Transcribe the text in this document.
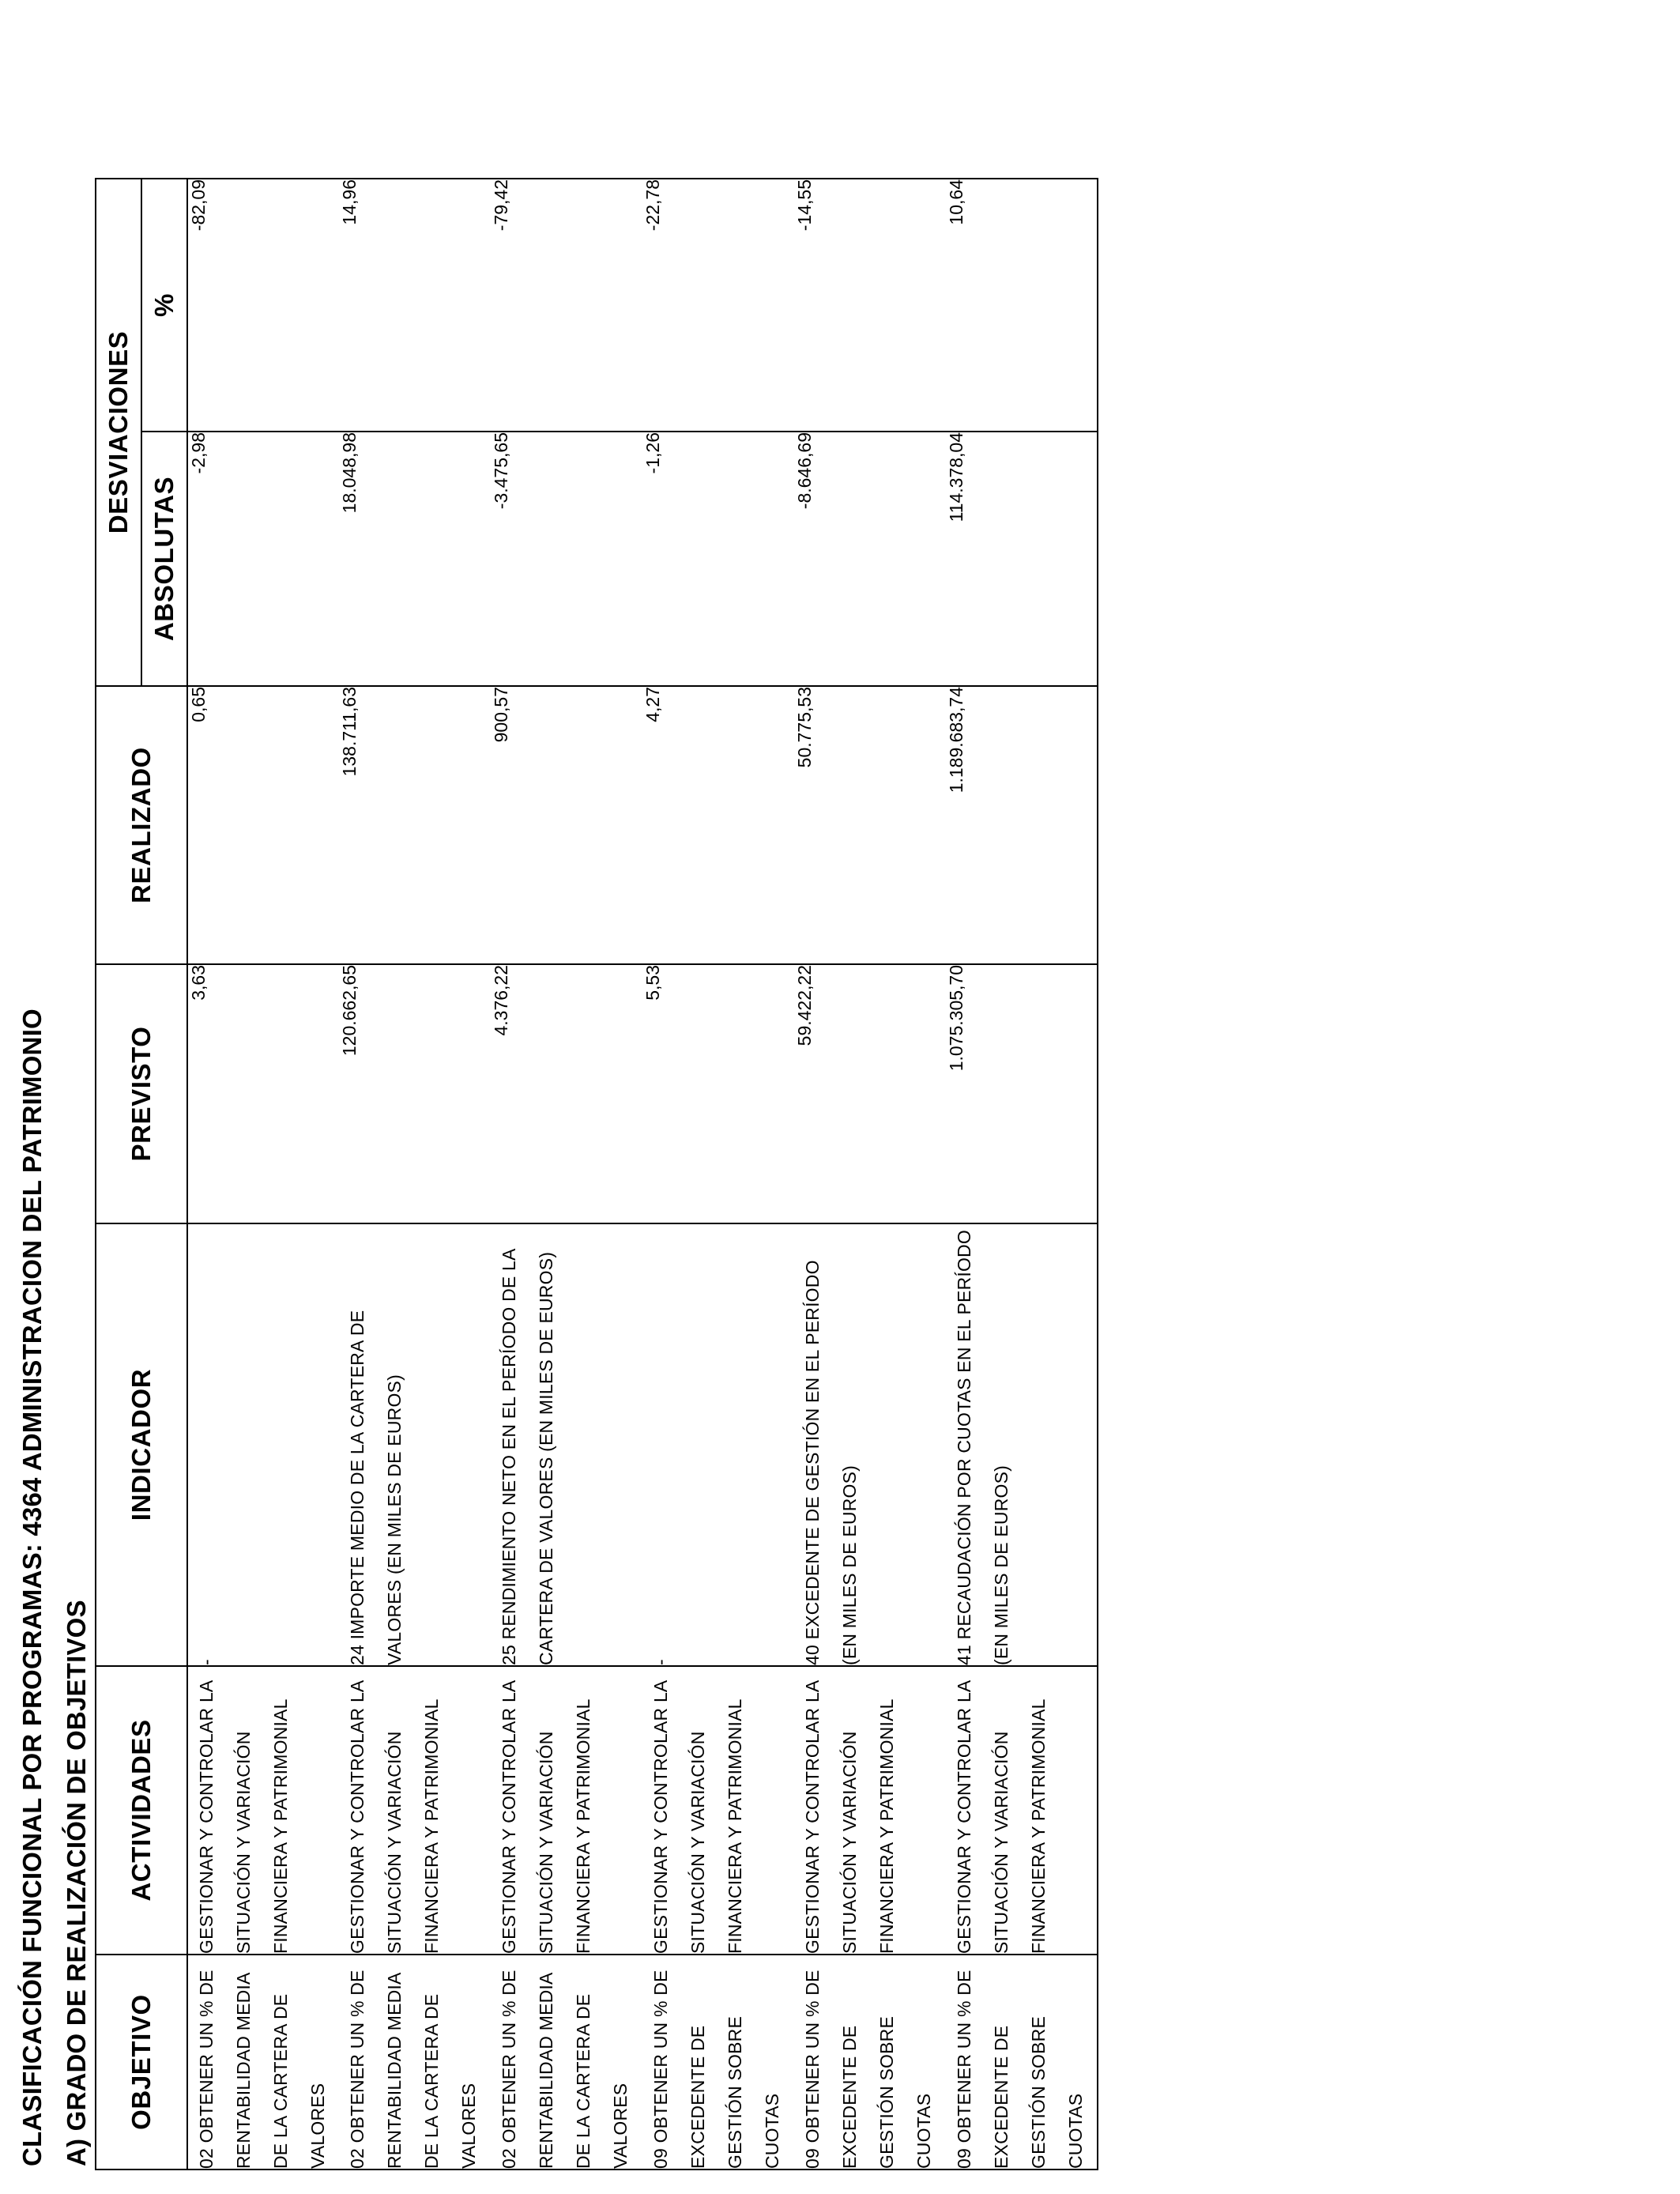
CLASIFICACIÓN FUNCIONAL POR PROGRAMAS: 4364 ADMINISTRACION DEL PATRIMONIO A) GRADO DE REALIZACIÓN DE OBJETIVOS OBJETIVO	ACTIVIDADES	INDICADOR	PREVISTO	REALIZADO	DESVIACIONES	
					ABSOLUTAS	%
02 OBTENER UN % DE RENTABILIDAD MEDIA DE LA CARTERA DE VALORES	GESTIONAR Y CONTROLAR LA SITUACIÓN Y VARIACIÓN FINANCIERA Y PATRIMONIAL	-	3,63	0,65	-2,98	-82,09
02 OBTENER UN % DE RENTABILIDAD MEDIA DE LA CARTERA DE VALORES	GESTIONAR Y CONTROLAR LA SITUACIÓN Y VARIACIÓN FINANCIERA Y PATRIMONIAL	24 IMPORTE MEDIO DE LA CARTERA DE VALORES (EN MILES DE EUROS)	120.662,65	138.711,63	18.048,98	14,96
02 OBTENER UN % DE RENTABILIDAD MEDIA DE LA CARTERA DE VALORES	GESTIONAR Y CONTROLAR LA SITUACIÓN Y VARIACIÓN FINANCIERA Y PATRIMONIAL	25 RENDIMIENTO NETO EN EL PERÍODO DE LA CARTERA DE VALORES (EN MILES DE EUROS)	4.376,22	900,57	-3.475,65	-79,42
09 OBTENER UN % DE EXCEDENTE DE GESTIÓN SOBRE CUOTAS	GESTIONAR Y CONTROLAR LA SITUACIÓN Y VARIACIÓN FINANCIERA Y PATRIMONIAL	-	5,53	4,27	-1,26	-22,78
09 OBTENER UN % DE EXCEDENTE DE GESTIÓN SOBRE CUOTAS	GESTIONAR Y CONTROLAR LA SITUACIÓN Y VARIACIÓN FINANCIERA Y PATRIMONIAL	40 EXCEDENTE DE GESTIÓN EN EL PERÍODO (EN MILES DE EUROS)	59.422,22	50.775,53	-8.646,69	-14,55
09 OBTENER UN % DE EXCEDENTE DE GESTIÓN SOBRE CUOTAS	GESTIONAR Y CONTROLAR LA SITUACIÓN Y VARIACIÓN FINANCIERA Y PATRIMONIAL	41 RECAUDACIÓN POR CUOTAS EN EL PERÍODO (EN MILES DE EUROS)	1.075.305,70	1.189.683,74	114.378,04	10,64
